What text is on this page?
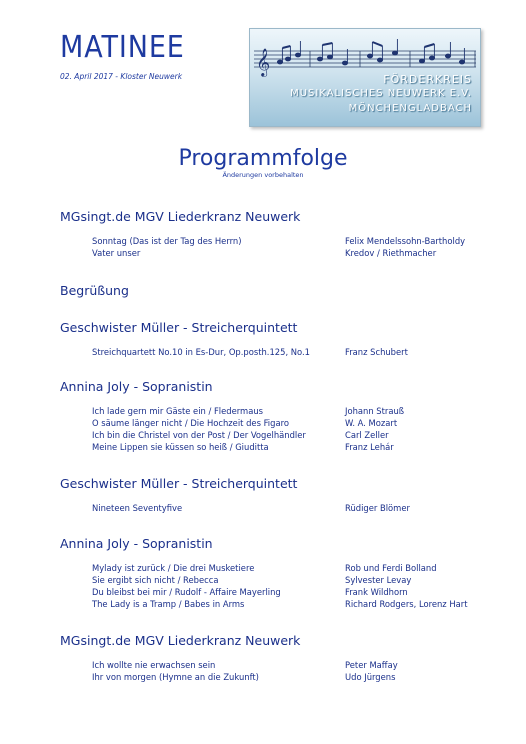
MATINEE
02. April 2017 - Kloster Neuwerk
𝄞
FÖRDERKREIS
MUSIKALISCHES NEUWERK E.V.
MÖNCHENGLADBACH
Programmfolge
Änderungen vorbehalten
MGsingt.de MGV Liederkranz Neuwerk
Sonntag (Das ist der Tag des Herrn)	Felix Mendelssohn-Bartholdy
Vater unser	Kredov / Riethmacher
Begrüßung
Geschwister Müller - Streicherquintett
Streichquartett No.10 in Es-Dur, Op.posth.125, No.1	Franz Schubert
Annina Joly - Sopranistin
Ich lade gern mir Gäste ein / Fledermaus	Johann Strauß
O säume länger nicht / Die Hochzeit des Figaro	W. A. Mozart
Ich bin die Christel von der Post / Der Vogelhändler	Carl Zeller
Meine Lippen sie küssen so heiß / Giuditta	Franz Lehár
Geschwister Müller - Streicherquintett
Nineteen Seventyfive	Rüdiger Blömer
Annina Joly - Sopranistin
Mylady ist zurück / Die drei Musketiere	Rob und Ferdi Bolland
Sie ergibt sich nicht / Rebecca	Sylvester Levay
Du bleibst bei mir / Rudolf - Affaire Mayerling	Frank Wildhorn
The Lady is a Tramp / Babes in Arms	Richard Rodgers, Lorenz Hart
MGsingt.de MGV Liederkranz Neuwerk
Ich wollte nie erwachsen sein	Peter Maffay
Ihr von morgen (Hymne an die Zukunft)	Udo Jürgens
